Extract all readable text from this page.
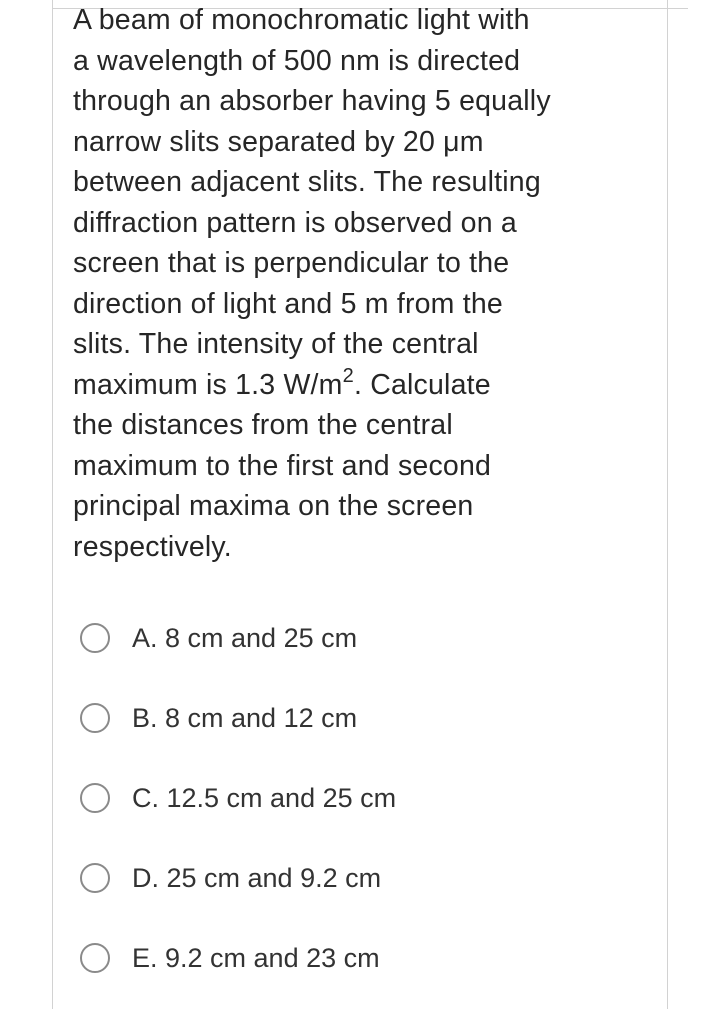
A beam of monochromatic light with
a wavelength of 500 nm is directed
through an absorber having 5 equally
narrow slits separated by 20 μm
between adjacent slits. The resulting
diffraction pattern is observed on a
screen that is perpendicular to the
direction of light and 5 m from the
slits. The intensity of the central
maximum is 1.3 $W/m^2$. Calculate
the distances from the central
maximum to the first and second
principal maxima on the screen
respectively.
A. 8 cm and 25 cm
B. 8 cm and 12 cm
C. 12.5 cm and 25 cm
D. 25 cm and 9.2 cm
E. 9.2 cm and 23 cm
